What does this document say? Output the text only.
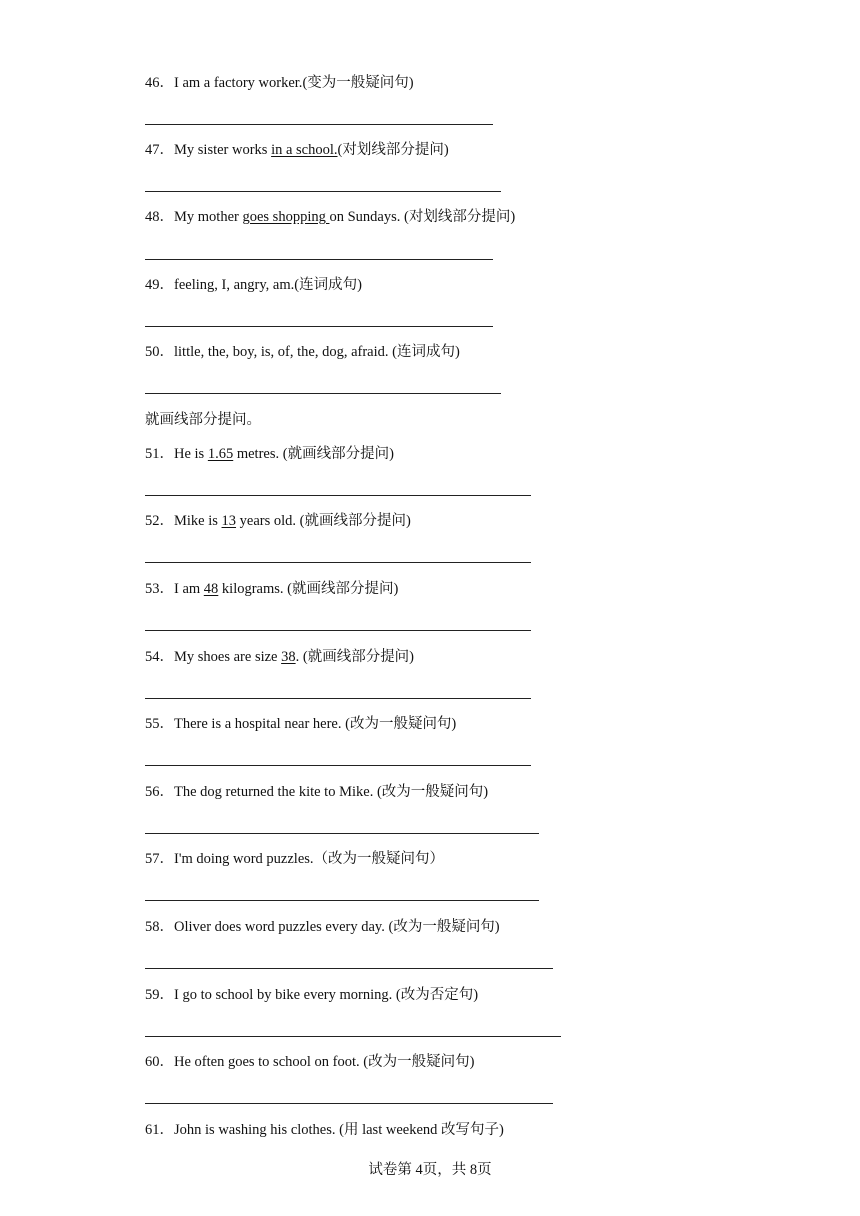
46．I am a factory worker.(变为一般疑问句)
47．My sister works in a school.(对划线部分提问)
48．My mother goes shopping on Sundays. (对划线部分提问)
49．feeling, I, angry, am.(连词成句)
50．little, the, boy, is, of, the, dog, afraid. (连词成句)
就画线部分提问。
51．He is 1.65 metres. (就画线部分提问)
52．Mike is 13 years old. (就画线部分提问)
53．I am 48 kilograms. (就画线部分提问)
54．My shoes are size 38. (就画线部分提问)
55．There is a hospital near here. (改为一般疑问句)
56．The dog returned the kite to Mike. (改为一般疑问句)
57．I'm doing word puzzles.（改为一般疑问句）
58．Oliver does word puzzles every day. (改为一般疑问句)
59．I go to school by bike every morning. (改为否定句)
60．He often goes to school on foot. (改为一般疑问句)
61．John is washing his clothes. (用 last weekend 改写句子)
试卷第 4页，共 8页
